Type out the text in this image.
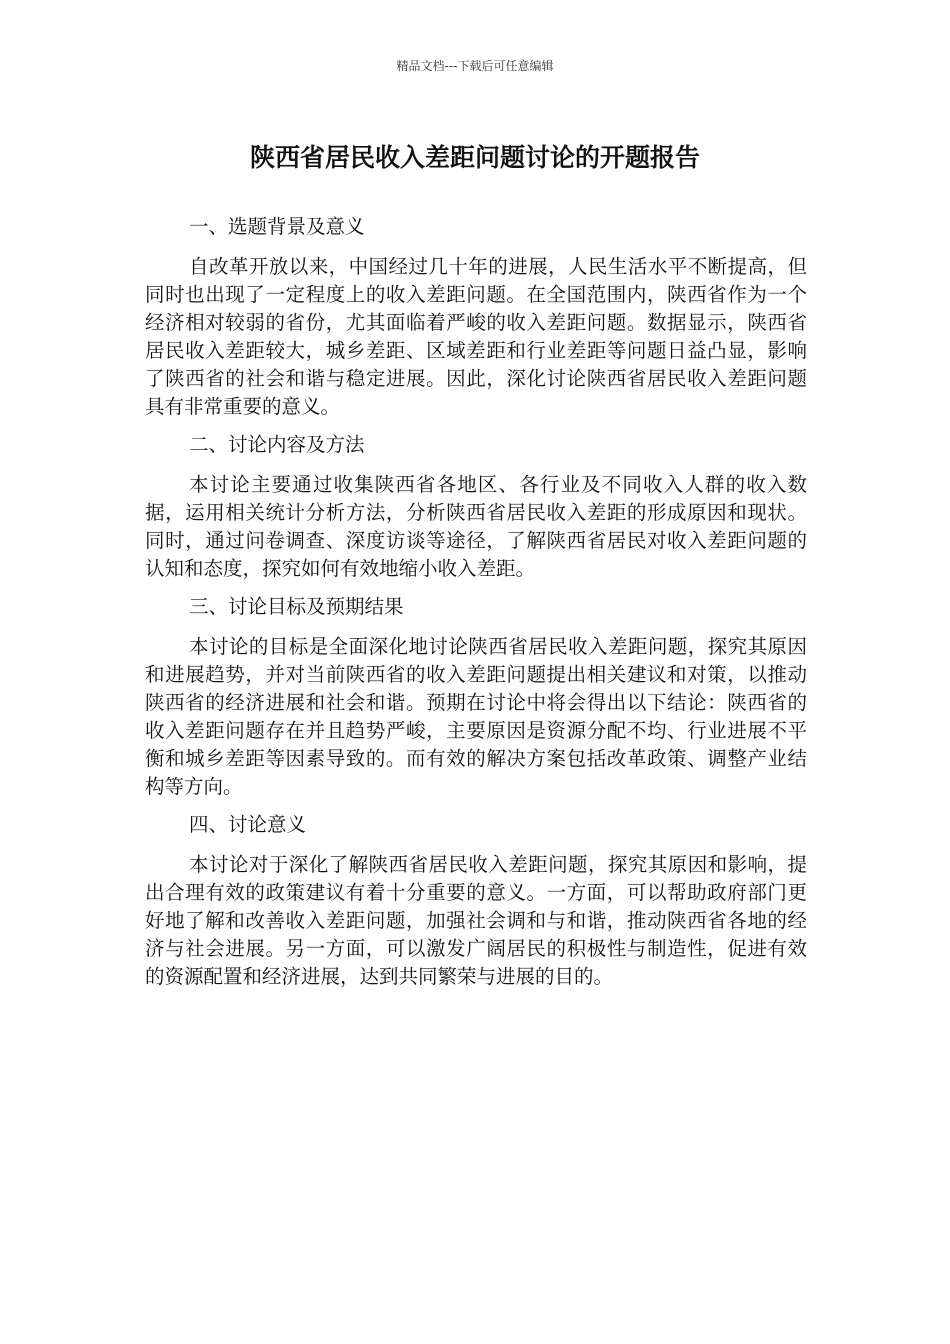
精品文档---下载后可任意编辑
陕西省居民收入差距问题讨论的开题报告

一、选题背景及意义

自改革开放以来，中国经过几十年的进展，人民生活水平不断提高，但同时也出现了一定程度上的收入差距问题。在全国范围内，陕西省作为一个经济相对较弱的省份，尤其面临着严峻的收入差距问题。数据显示，陕西省居民收入差距较大，城乡差距、区域差距和行业差距等问题日益凸显，影响了陕西省的社会和谐与稳定进展。因此，深化讨论陕西省居民收入差距问题具有非常重要的意义。

二、讨论内容及方法

本讨论主要通过收集陕西省各地区、各行业及不同收入人群的收入数据，运用相关统计分析方法，分析陕西省居民收入差距的形成原因和现状。同时，通过问卷调查、深度访谈等途径，了解陕西省居民对收入差距问题的认知和态度，探究如何有效地缩小收入差距。

三、讨论目标及预期结果

本讨论的目标是全面深化地讨论陕西省居民收入差距问题，探究其原因和进展趋势，并对当前陕西省的收入差距问题提出相关建议和对策，以推动陕西省的经济进展和社会和谐。预期在讨论中将会得出以下结论：陕西省的收入差距问题存在并且趋势严峻，主要原因是资源分配不均、行业进展不平衡和城乡差距等因素导致的。而有效的解决方案包括改革政策、调整产业结构等方向。

四、讨论意义

本讨论对于深化了解陕西省居民收入差距问题，探究其原因和影响，提出合理有效的政策建议有着十分重要的意义。一方面，可以帮助政府部门更好地了解和改善收入差距问题，加强社会调和与和谐，推动陕西省各地的经济与社会进展。另一方面，可以激发广阔居民的积极性与制造性，促进有效的资源配置和经济进展，达到共同繁荣与进展的目的。
